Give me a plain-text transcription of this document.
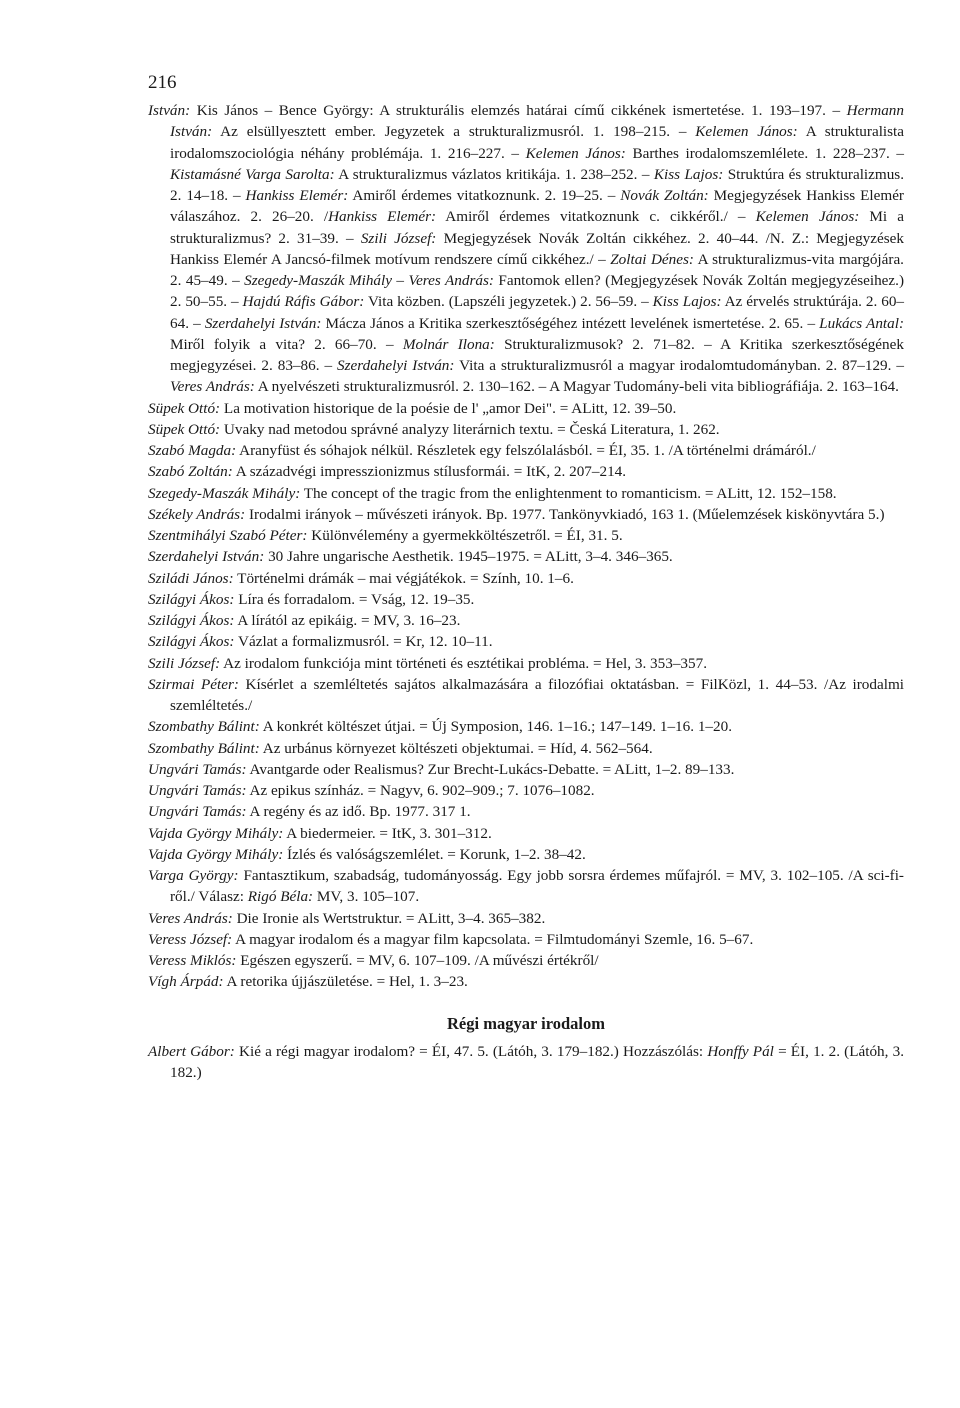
216

István: Kis János – Bence György: A strukturális elemzés határai című cikkének ismertetése. 1. 193–197. – Hermann István: Az elsüllyesztett ember. Jegyzetek a strukturalizmusról. 1. 198–215. – Kelemen János: A strukturalista irodalomszociológia néhány problémája. 1. 216–227. – Kelemen János: Barthes irodalomszemlélete. 1. 228–237. – Kistamásné Varga Sarolta: A strukturalizmus vázlatos kritikája. 1. 238–252. – Kiss Lajos: Struktúra és strukturalizmus. 2. 14–18. – Hankiss Elemér: Amiről érdemes vitatkoznunk. 2. 19–25. – Novák Zoltán: Megjegyzések Hankiss Elemér válaszához. 2. 26–20. /Hankiss Elemér: Amiről érdemes vitatkoznunk c. cikkéről./ – Kelemen János: Mi a strukturalizmus? 2. 31–39. – Szili József: Megjegyzések Novák Zoltán cikkéhez. 2. 40–44. /N. Z.: Megjegyzések Hankiss Elemér A Jancsó-filmek motívum rendszere című cikkéhez./ – Zoltai Dénes: A strukturalizmus-vita margójára. 2. 45–49. – Szegedy-Maszák Mihály – Veres András: Fantomok ellen? (Megjegyzések Novák Zoltán megjegyzéseihez.) 2. 50–55. – Hajdú Ráfis Gábor: Vita közben. (Lapszéli jegyzetek.) 2. 56–59. – Kiss Lajos: Az érvelés struktúrája. 2. 60–64. – Szerdahelyi István: Mácza János a Kritika szerkesztőségéhez intézett levelének ismertetése. 2. 65. – Lukács Antal: Miről folyik a vita? 2. 66–70. – Molnár Ilona: Strukturalizmusok? 2. 71–82. – A Kritika szerkesztőségének megjegyzései. 2. 83–86. – Szerdahelyi István: Vita a strukturalizmusról a magyar irodalomtudományban. 2. 87–129. – Veres András: A nyelvészeti strukturalizmusról. 2. 130–162. – A Magyar Tudomány-beli vita bibliográfiája. 2. 163–164.

Süpek Ottó: La motivation historique de la poésie de l' „amor Dei". = ALitt, 12. 39–50.

Süpek Ottó: Uvaky nad metodou správné analyzy literárnich textu. = Česká Literatura, 1. 262.

Szabó Magda: Aranyfüst és sóhajok nélkül. Részletek egy felszólalásból. = ÉI, 35. 1. /A történelmi drámáról./

Szabó Zoltán: A századvégi impresszionizmus stílusformái. = ItK, 2. 207–214.

Szegedy-Maszák Mihály: The concept of the tragic from the enlightenment to romanticism. = ALitt, 12. 152–158.

Székely András: Irodalmi irányok – művészeti irányok. Bp. 1977. Tankönyvkiadó, 163 1. (Műelemzések kiskönyvtára 5.)

Szentmihályi Szabó Péter: Különvélemény a gyermekköltészetről. = ÉI, 31. 5.

Szerdahelyi István: 30 Jahre ungarische Aesthetik. 1945–1975. = ALitt, 3–4. 346–365.

Sziládi János: Történelmi drámák – mai végjátékok. = Szính, 10. 1–6.

Szilágyi Ákos: Líra és forradalom. = Vság, 12. 19–35.

Szilágyi Ákos: A lírától az epikáig. = MV, 3. 16–23.

Szilágyi Ákos: Vázlat a formalizmusról. = Kr, 12. 10–11.

Szili József: Az irodalom funkciója mint történeti és esztétikai probléma. = Hel, 3. 353–357.

Szirmai Péter: Kísérlet a szemléltetés sajátos alkalmazására a filozófiai oktatásban. = FilKözl, 1. 44–53. /Az irodalmi szemléltetés./

Szombathy Bálint: A konkrét költészet útjai. = Új Symposion, 146. 1–16.; 147–149. 1–16. 1–20.

Szombathy Bálint: Az urbánus környezet költészeti objektumai. = Híd, 4. 562–564.

Ungvári Tamás: Avantgarde oder Realismus? Zur Brecht-Lukács-Debatte. = ALitt, 1–2. 89–133.

Ungvári Tamás: Az epikus színház. = Nagyv, 6. 902–909.; 7. 1076–1082.

Ungvári Tamás: A regény és az idő. Bp. 1977. 317 1.

Vajda György Mihály: A biedermeier. = ItK, 3. 301–312.

Vajda György Mihály: Ízlés és valóságszemlélet. = Korunk, 1–2. 38–42.

Varga György: Fantasztikum, szabadság, tudományosság. Egy jobb sorsra érdemes műfajról. = MV, 3. 102–105. /A sci-fi-ről./ Válasz: Rigó Béla: MV, 3. 105–107.

Veres András: Die Ironie als Wertstruktur. = ALitt, 3–4. 365–382.

Veress József: A magyar irodalom és a magyar film kapcsolata. = Filmtudományi Szemle, 16. 5–67.

Veress Miklós: Egészen egyszerű. = MV, 6. 107–109. /A művészi értékről/

Vígh Árpád: A retorika újjászületése. = Hel, 1. 3–23.

Régi magyar irodalom

Albert Gábor: Kié a régi magyar irodalom? = ÉI, 47. 5. (Látóh, 3. 179–182.) Hozzászólás: Honffy Pál = ÉI, 1. 2. (Látóh, 3. 182.)
